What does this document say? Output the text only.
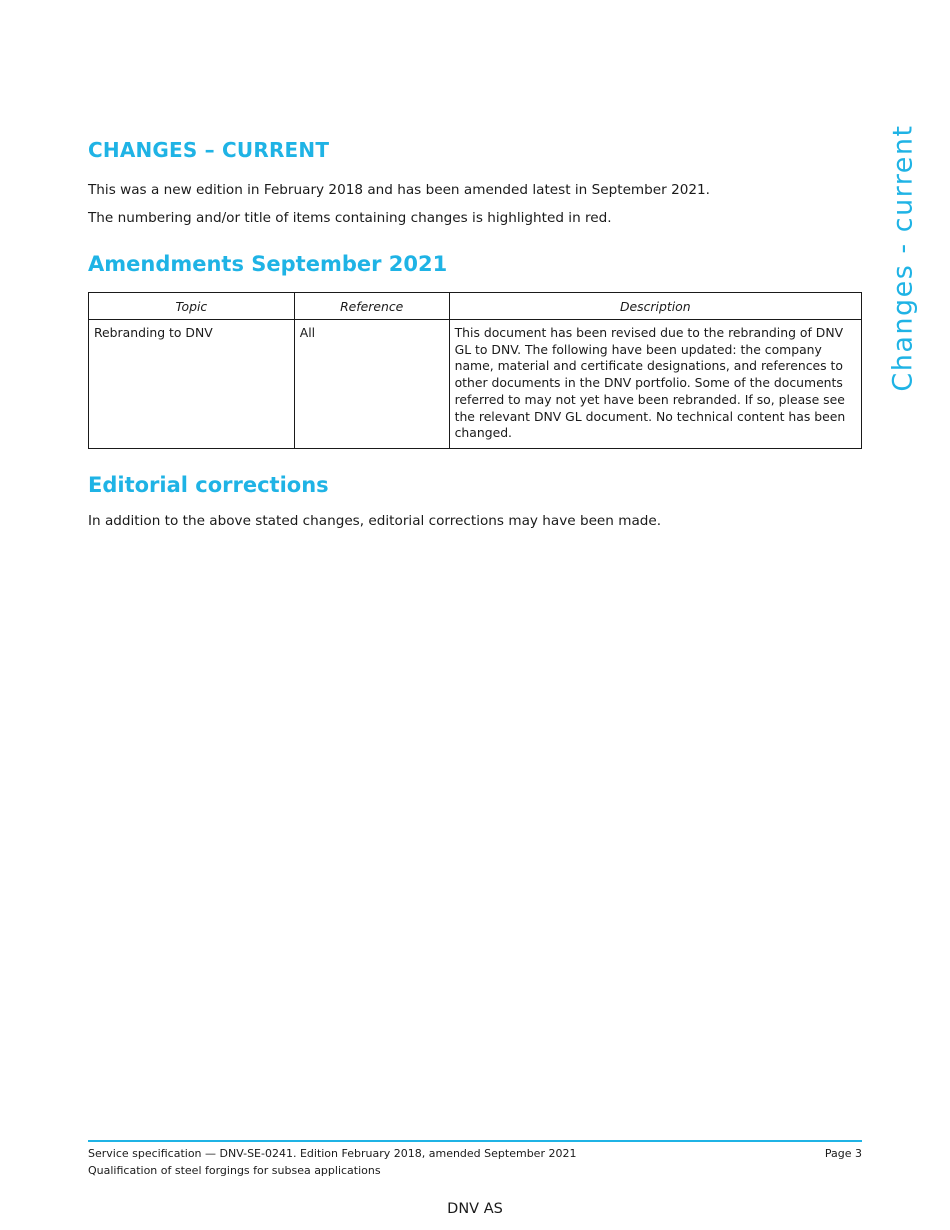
Changes - current
CHANGES – CURRENT

This was a new edition in February 2018 and has been amended latest in September 2021.

The numbering and/or title of items containing changes is highlighted in red.

Amendments September 2021
Topic	Reference	Description
Rebranding to DNV	All	This document has been revised due to the rebranding of DNV GL to DNV. The following have been updated: the company name, material and certificate designations, and references to other documents in the DNV portfolio. Some of the documents referred to may not yet have been rebranded. If so, please see the relevant DNV GL document. No technical content has been changed.
Editorial corrections

In addition to the above stated changes, editorial corrections may have been made.

Service specification — DNV-SE-0241. Edition February 2018, amended September 2021
Qualification of steel forgings for subsea applications
Page 3
DNV AS
